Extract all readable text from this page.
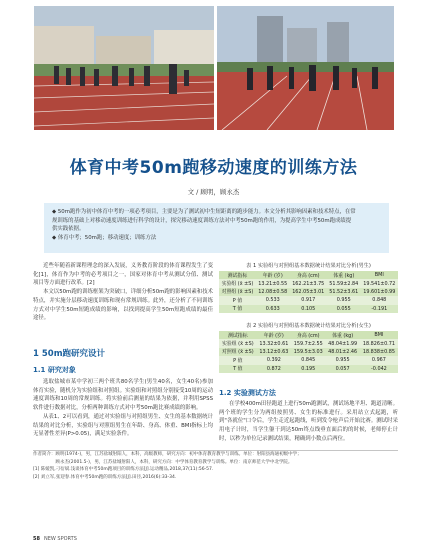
体育中考50m跑移动速度的训练方法
文 / 顾明，顾永杰
◆ 50m跑作为初中体育中考的一项必考项目，主要是为了测试初中生短距离的跑步能力。本文分析其影响因素和技术特点，在常
规训练的基础上对移动速度训练进行科学的设计，探究移动速度训练方法对中考50m跑的作用，为提高学生中考50m跑成绩提
供实践依据。
◆ 体育中考；50m跑；移动速度；训练方法

近些年随着新课程理念的深入发展，义务教育阶段的体育课程发生了变化[1]，体育作为中考的必考项目之一，国家对体育中考从测试分值、测试项目等方面进行改革。[2]

本文以50m跑的训练框架为突破口，详细分析50m跑的影响因素和技术特点，并实施分层移动速度训练和现有常规训练。此外，还分析了不同训练方式对中学生50m短跑成绩的影响，以找到提高学生50m短跑成绩的最佳途径。

1 50m跑研究设计
1.1 研究对象

选取盐城市某中学初三两个班共80名学生(男生40名，女生40名)参加体育实验，随机分为实验组和对照组。实验组和对照组分别接受10周的运动速度训练和10周的常规训练。将实验前后测量的结果为依据，并利用SPSS软件进行数据对比，分析两种训练方式对中考50m跑比赛成绩的影响。

从表1、2可以看到，通过对实验组与对照组男生、女生的基本数据统计结果的对比分析，实验组与对照组男生在年龄、身高、体重、BMI指标上均无显著性差异(P>0.05)，满足实验条件。

表 1 实验组与对照组基本数据统计结果对比分析(男生)
测试指标	年龄 (岁)	身高 (cm)	体重 (kg)	BMI
实验组 (x̄ ±S)	13.21±0.55	162.21±3.75	51.59±2.84	19.541±0.72
对照组 (x̄ ±S)	12.08±0.58	162.05±3.01	51.52±3.61	19.601±0.99
P 值	0.533	0.917	0.955	0.848
T 值	0.633	0.105	0.055	-0.191
表 2 实验组与对照组基本数据统计结果对比分析(女生)
测试指标	年龄 (岁)	身高 (cm)	体重 (kg)	BMI
实验组 (x̄ ±S)	13.32±0.61	159.7±2.55	48.04±1.99	18.826±0.71
对照组 (x̄ ±S)	13.12±0.63	159.5±3.03	48.01±2.46	18.838±0.85
P 值	0.392	0.845	0.955	0.967
T 值	0.872	0.195	0.057	-0.042
1.2 实验测试方法

在学校400m田径跑道上进行50m跑测试，测试场地平坦、跑道清晰。两个班的学生分为两组按照男、女生的标准进行。采用站立式起跑，听到"各就位"口令后，学生走近起跑线，听到发令枪声后开始比赛。测试时采用电子计时，当学生躯干到达50m终点线垂直面后的的时候，老师停止计时，以秒为单位记录测试结果，精确到小数点后两位。

作者简介：顾明(1974-)，男，江苏盐城射阳人，本科，高级教师，研究方向：初中体育教育教学与训练。单位：射阳县海通初级中学；
　　　　　顾永杰(2001.5-)，男，江苏盐城射阳人，本科，研究方向：中学体育教育教学与训练。单位：南京师范大学中北学院。
[1] 陈媛凯,刁衍斌.浅谈体育中考50m跑项目的训练方法[J].运动精品,2018,37(11):56-57.
[2] 刘立军,张迎春.体育中考50m跑的训练方法[J].田径,2016(6):33-34.
58 NEW SPORTS
